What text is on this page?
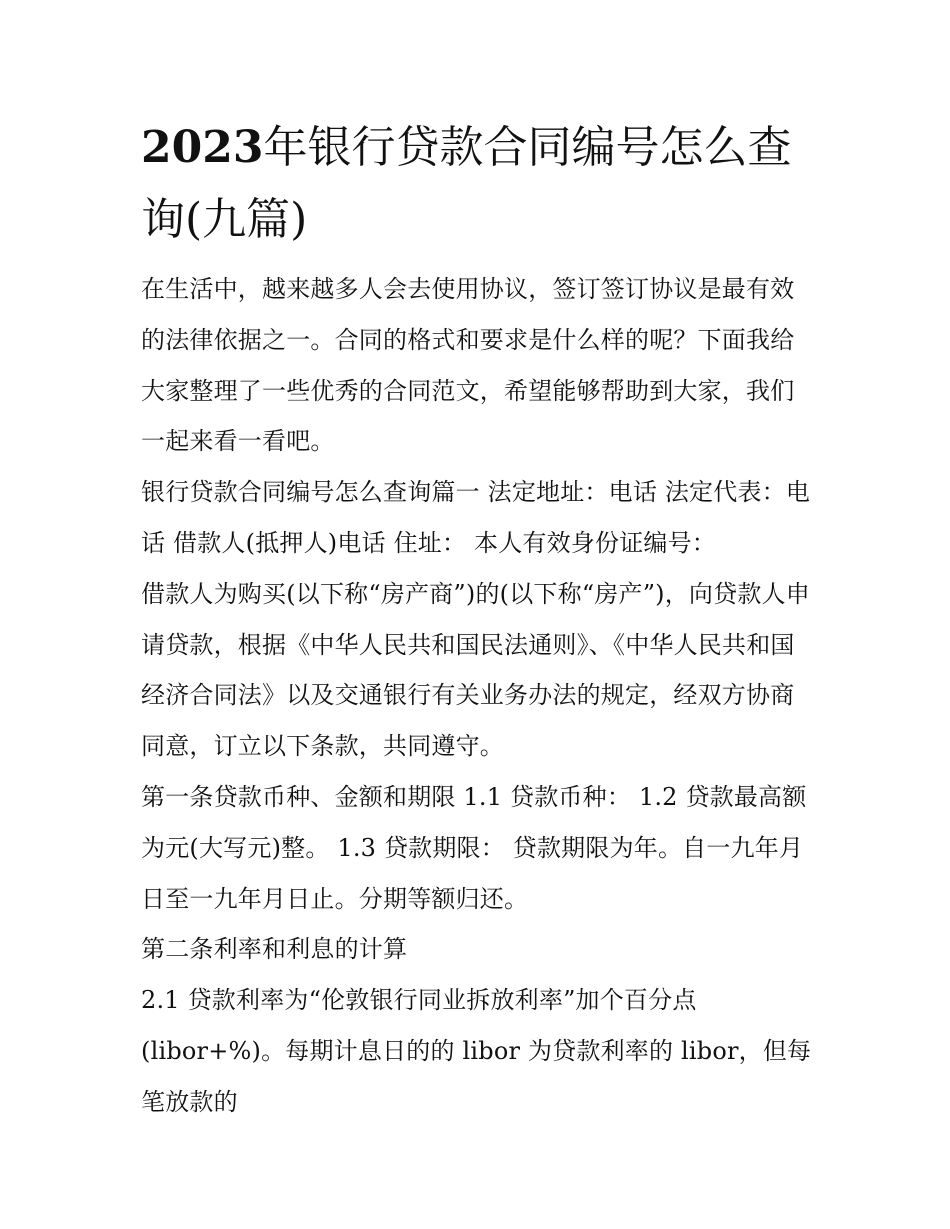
2023年银行贷款合同编号怎么查询(九篇)

在生活中，越来越多人会去使用协议，签订签订协议是最有效的法律依据之一。合同的格式和要求是什么样的呢？下面我给大家整理了一些优秀的合同范文，希望能够帮助到大家，我们一起来看一看吧。

银行贷款合同编号怎么查询篇一 法定地址：电话 法定代表：电话 借款人(抵押人)电话 住址： 本人有效身份证编号：

借款人为购买(以下称“房产商”)的(以下称“房产”)，向贷款人申请贷款，根据《中华人民共和国民法通则》、《中华人民共和国经济合同法》以及交通银行有关业务办法的规定，经双方协商同意，订立以下条款，共同遵守。

第一条贷款币种、金额和期限 1.1 贷款币种： 1.2 贷款最高额为元(大写元)整。 1.3 贷款期限： 贷款期限为年。自一九年月日至一九年月日止。分期等额归还。

第二条利率和利息的计算

2.1 贷款利率为“伦敦银行同业拆放利率”加个百分点(libor+%)。每期计息日的的 libor 为贷款利率的 libor，但每笔放款的
